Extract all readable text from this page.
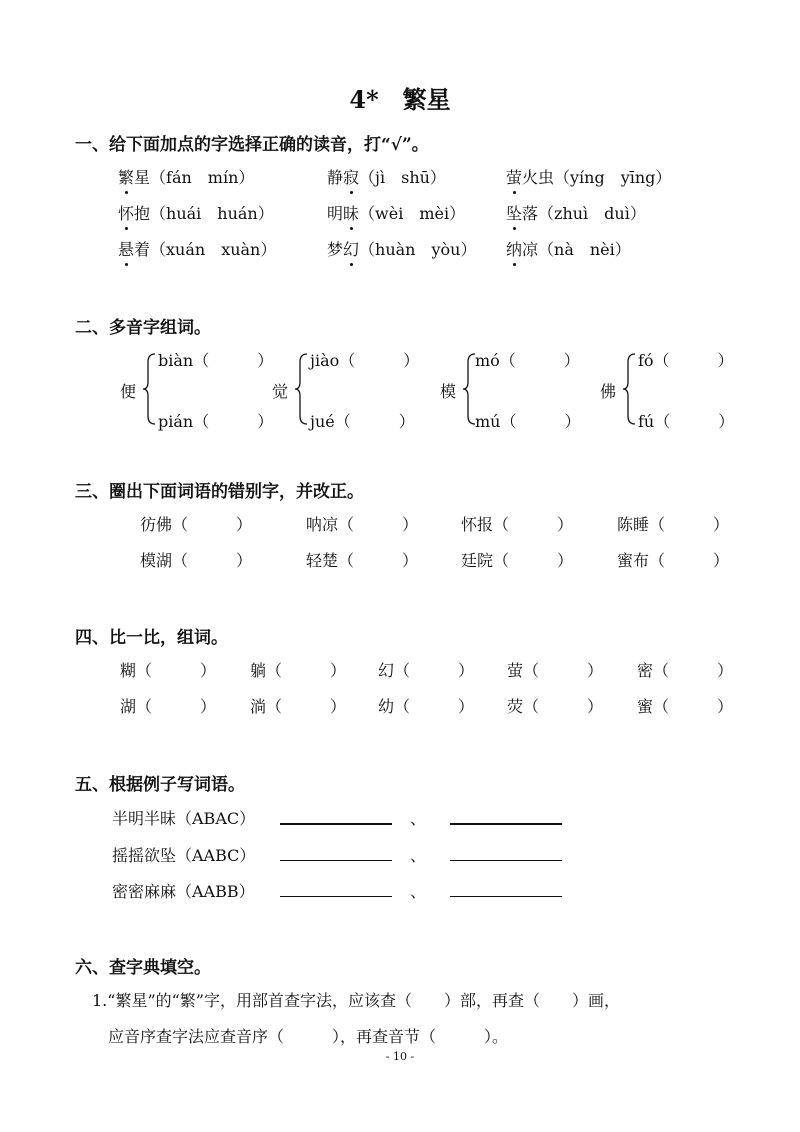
4*　繁星
一、给下面加点的字选择正确的读音，打“√”。
繁星（fán　mín）	静寂（jì　shū）	萤火虫（yíng　yīng）
怀抱（huái　huán）	明昧（wèi　mèi）	坠落（zhuì　duì）
悬着（xuán　xuàn）	梦幻（huàn　yòu） 纳凉（nà　nèi）
二、多音字组词。
便
biàn（　　　）
pián（　　　）
觉
jiào（　　　）
jué（　　　）
模
mó（　　　）
mú（　　　）
佛
fó（　　　）
fú（　　　）
三、圈出下面词语的错别字，并改正。
彷佛（　　　）	呐凉（　　　）	怀报（　　　）	陈睡（　　　）
模湖（　　　）	轻楚（　　　）	廷院（　　　）	蜜布（　　　）
四、比一比，组词。
糊（　　　） 躺（　　　） 幻（　　　） 萤（　　　） 密（　　　）
湖（　　　） 淌（　　　） 幼（　　　） 荧（　　　） 蜜（　　　）
五、根据例子写词语。
半明半昧（ABAC）	、
摇摇欲坠（AABC）	、
密密麻麻（AABB）	、
六、查字典填空。
1.“繁星”的“繁”字，用部首查字法，应该查（　　）部，再查（　　）画，
应音序查字法应查音序（　　　），再查音节（　　　）。
- 10 -
